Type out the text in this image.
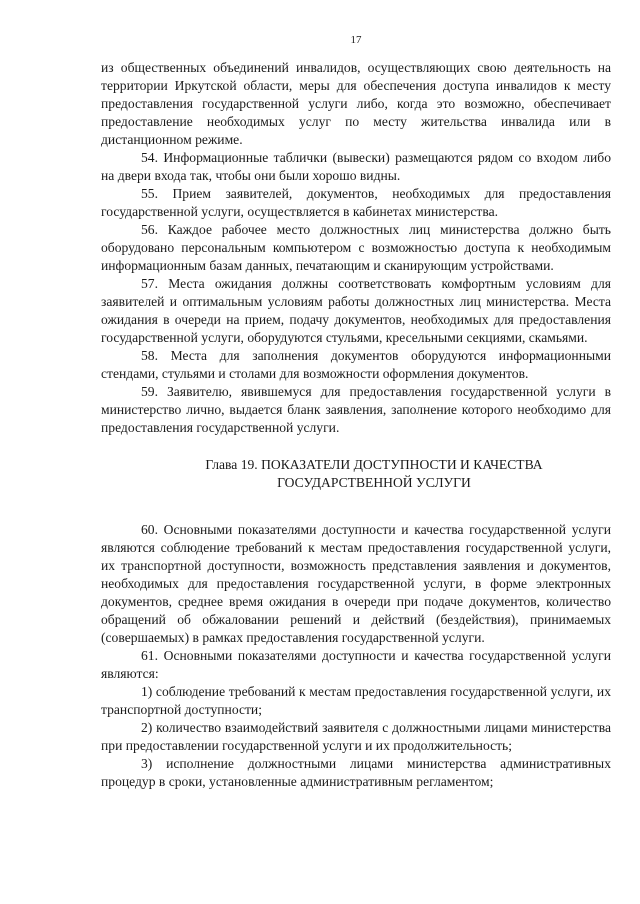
17

из общественных объединений инвалидов, осуществляющих свою деятельность на территории Иркутской области, меры для обеспечения доступа инвалидов к месту предоставления государственной услуги либо, когда это возможно, обеспечивает предоставление необходимых услуг по месту жительства инвалида или в дистанционном режиме.

54. Информационные таблички (вывески) размещаются рядом со входом либо на двери входа так, чтобы они были хорошо видны.

55. Прием заявителей, документов, необходимых для предоставления государственной услуги, осуществляется в кабинетах министерства.

56. Каждое рабочее место должностных лиц министерства должно быть оборудовано персональным компьютером с возможностью доступа к необходимым информационным базам данных, печатающим и сканирующим устройствами.

57. Места ожидания должны соответствовать комфортным условиям для заявителей и оптимальным условиям работы должностных лиц министерства. Места ожидания в очереди на прием, подачу документов, необходимых для предоставления государственной услуги, оборудуются стульями, кресельными секциями, скамьями.

58. Места для заполнения документов оборудуются информационными стендами, стульями и столами для возможности оформления документов.

59. Заявителю, явившемуся для предоставления государственной услуги в министерство лично, выдается бланк заявления, заполнение которого необходимо для предоставления государственной услуги.

Глава 19. ПОКАЗАТЕЛИ ДОСТУПНОСТИ И КАЧЕСТВА
ГОСУДАРСТВЕННОЙ УСЛУГИ

60. Основными показателями доступности и качества государственной услуги являются соблюдение требований к местам предоставления государственной услуги, их транспортной доступности, возможность представления заявления и документов, необходимых для предоставления государственной услуги, в форме электронных документов, среднее время ожидания в очереди при подаче документов, количество обращений об обжаловании решений и действий (бездействия), принимаемых (совершаемых) в рамках предоставления государственной услуги.

61. Основными показателями доступности и качества государственной услуги являются:

1) соблюдение требований к местам предоставления государственной услуги, их транспортной доступности;

2) количество взаимодействий заявителя с должностными лицами министерства при предоставлении государственной услуги и их продолжительность;

3) исполнение должностными лицами министерства административных процедур в сроки, установленные административным регламентом;
